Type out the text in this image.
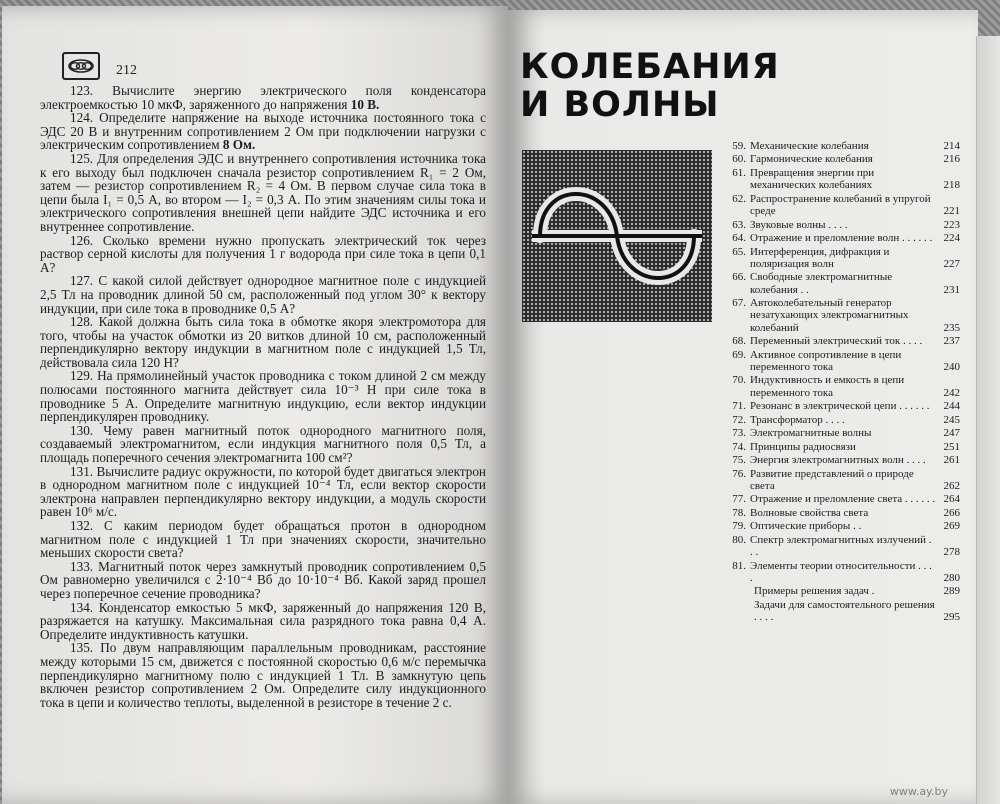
212

123. Вычислите энергию электрического поля конденсатора электроемкостью 10 мкФ, заряженного до напряжения 10 В.

124. Определите напряжение на выходе источника постоянного тока с ЭДС 20 В и внутренним сопротивлением 2 Ом при подключении нагрузки с электрическим сопротивлением 8 Ом.

125. Для определения ЭДС и внутреннего сопротивления источника тока к его выходу был подключен сначала резистор сопротивлением R₁ = 2 Ом, затем — резистор сопротивлением R₂ = 4 Ом. В первом случае сила тока в цепи была I₁ = 0,5 А, во втором — I₂ = 0,3 А. По этим значениям силы тока и электрического сопротивления внешней цепи найдите ЭДС источника и его внутреннее сопротивление.

126. Сколько времени нужно пропускать электрический ток через раствор серной кислоты для получения 1 г водорода при силе тока в цепи 0,1 А?

127. С какой силой действует однородное магнитное поле с индукцией 2,5 Тл на проводник длиной 50 см, расположенный под углом 30° к вектору индукции, при силе тока в проводнике 0,5 А?

128. Какой должна быть сила тока в обмотке якоря электромотора для того, чтобы на участок обмотки из 20 витков длиной 10 см, расположенный перпендикулярно вектору индукции в магнитном поле с индукцией 1,5 Тл, действовала сила 120 Н?

129. На прямолинейный участок проводника с током длиной 2 см между полюсами постоянного магнита действует сила 10⁻³ Н при силе тока в проводнике 5 А. Определите магнитную индукцию, если вектор индукции перпендикулярен проводнику.

130. Чему равен магнитный поток однородного магнитного поля, создаваемый электромагнитом, если индукция магнитного поля 0,5 Тл, а площадь поперечного сечения электромагнита 100 см²?

131. Вычислите радиус окружности, по которой будет двигаться электрон в однородном магнитном поле с индукцией 10⁻⁴ Тл, если вектор скорости электрона направлен перпендикулярно вектору индукции, а модуль скорости равен 10⁶ м/с.

132. С каким периодом будет обращаться протон в однородном магнитном поле с индукцией 1 Тл при значениях скорости, значительно меньших скорости света?

133. Магнитный поток через замкнутый проводник сопротивлением 0,5 Ом равномерно увеличился с 2·10⁻⁴ Вб до 10·10⁻⁴ Вб. Какой заряд прошел через поперечное сечение проводника?

134. Конденсатор емкостью 5 мкФ, заряженный до напряжения 120 В, разряжается на катушку. Максимальная сила разрядного тока равна 0,4 А. Определите индуктивность катушки.

135. По двум направляющим параллельным проводникам, расстояние между которыми 15 см, движется с постоянной скоростью 0,6 м/с перемычка перпендикулярно магнитному полю с индукцией 1 Тл. В замкнутую цепь включен резистор сопротивлением 2 Ом. Определите силу индукционного тока в цепи и количество теплоты, выделенной в резисторе в течение 2 с.

КОЛЕБАНИЯ
И ВОЛНЫ
59. Механические колебания	214
60. Гармонические колебания	216
61. Превращения энергии при механических колебаниях	218
62. Распространение колебаний в упругой среде	221
63. Звуковые волны . . . .	223
64. Отражение и преломление волн . . . . . .	224
65. Интерференция, дифракция и поляризация волн	227
66. Свободные электромагнитные колебания . .	231
67. Автоколебательный генератор незатухающих электромагнитных колебаний	235
68. Переменный электрический ток . . . .	237
69. Активное сопротивление в цепи переменного тока	240
70. Индуктивность и емкость в цепи переменного тока	242
71. Резонанс в электрической цепи . . . . . .	244
72. Трансформатор . . . .	245
73. Электромагнитные волны	247
74. Принципы радиосвязи	251
75. Энергия электромагнитных волн . . . .	261
76. Развитие представлений о природе света	262
77. Отражение и преломление света . . . . . . 264
78. Волновые свойства света	266
79. Оптические приборы . .	269
80. Спектр электромагнитных излучений . . .	278
81. Элементы теории относительности . . . .	280
Примеры решения задач .	289
Задачи для самостоятельного решения . . . .	295
www.ay.by
